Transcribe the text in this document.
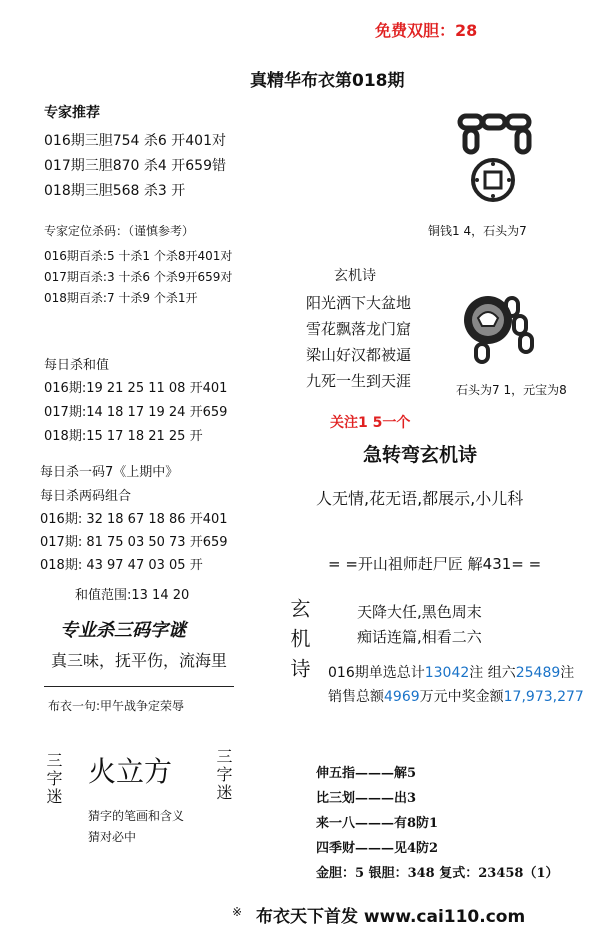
免费双胆：28
真精华布衣第018期
专家推荐
016期三胆754 杀6 开401对
017期三胆870 杀4 开659错
018期三胆568 杀3 开
专家定位杀码：（谨慎参考）
016期百杀:5 十杀1 个杀8开401对
017期百杀:3 十杀6 个杀9开659对
018期百杀:7 十杀9 个杀1开
铜钱1 4，石头为7
玄机诗
阳光洒下大盆地
雪花飘落龙门窟
梁山好汉都被逼
九死一生到天涯	石头为7 1，元宝为8
每日杀和值
016期:19 21 25 11 08 开401
017期:14 18 17 19 24 开659
018期:15 17 18 21 25 开
关注1 5一个
急转弯玄机诗
人无情,花无语,都展示,小儿科
每日杀一码7《上期中》
每日杀两码组合
016期: 32 18 67 18 86 开401
017期: 81 75 03 50 73 开659
018期: 43 97 47 03 05 开
和值范围:13 14 20
= =开山祖师赶尸匠 解431= =
专业杀三码字谜
真三味，抚平伤，流海里	玄机诗	天降大任,黑色周末
痴话连篇,相看二六
016期单选总计13042注 组六25489注
销售总额4969万元中奖金额17,973,277
布衣一句:甲午战争定荣辱
三字迷 火立方	三字迷
猜字的笔画和含义
猜对必中
伸五指———解5
比三划———出3
来一八———有8防1
四季财———见4防2
金胆：5 银胆：348 复式：23458（1）
※ 布衣天下首发 www.cai110.com
